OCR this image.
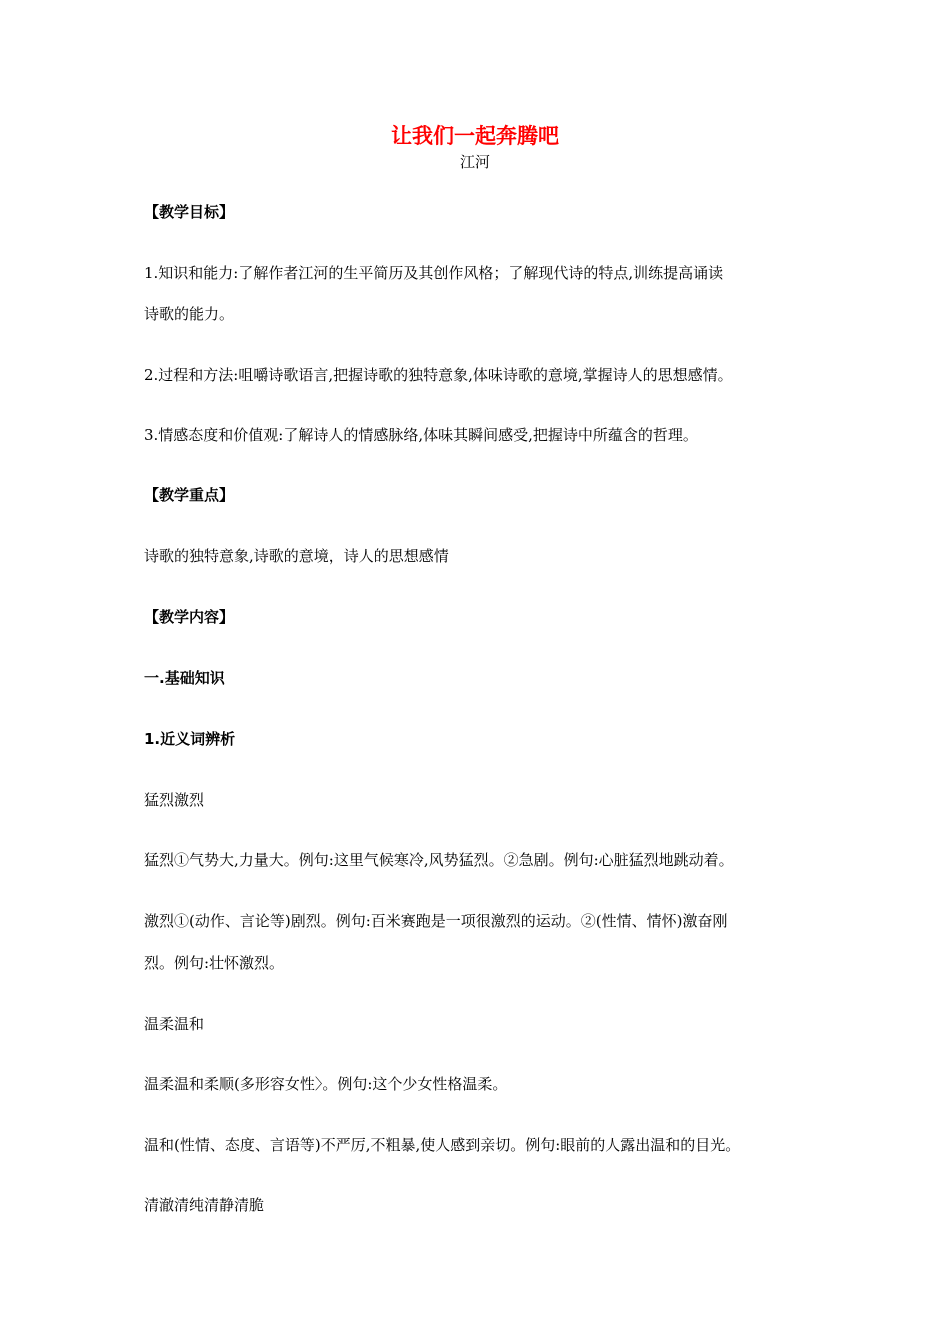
让我们一起奔腾吧
江河
【教学目标】
1.知识和能力:了解作者江河的生平简历及其创作风格；了解现代诗的特点,训练提高诵读
诗歌的能力。
2.过程和方法:咀嚼诗歌语言,把握诗歌的独特意象,体味诗歌的意境,掌握诗人的思想感情。
3.情感态度和价值观:了解诗人的情感脉络,体味其瞬间感受,把握诗中所蕴含的哲理。
【教学重点】
诗歌的独特意象,诗歌的意境，诗人的思想感情
【教学内容】
一.基础知识
1.近义词辨析
猛烈激烈
猛烈①气势大,力量大。例句:这里气候寒冷,风势猛烈。②急剧。例句:心脏猛烈地跳动着。
激烈①(动作、言论等)剧烈。例句:百米赛跑是一项很激烈的运动。②(性情、情怀)激奋刚
烈。例句:壮怀激烈。
温柔温和
温柔温和柔顺(多形容女性〉。例句:这个少女性格温柔。
温和(性情、态度、言语等)不严厉,不粗暴,使人感到亲切。例句:眼前的人露出温和的目光。
清澈清纯清静清脆
